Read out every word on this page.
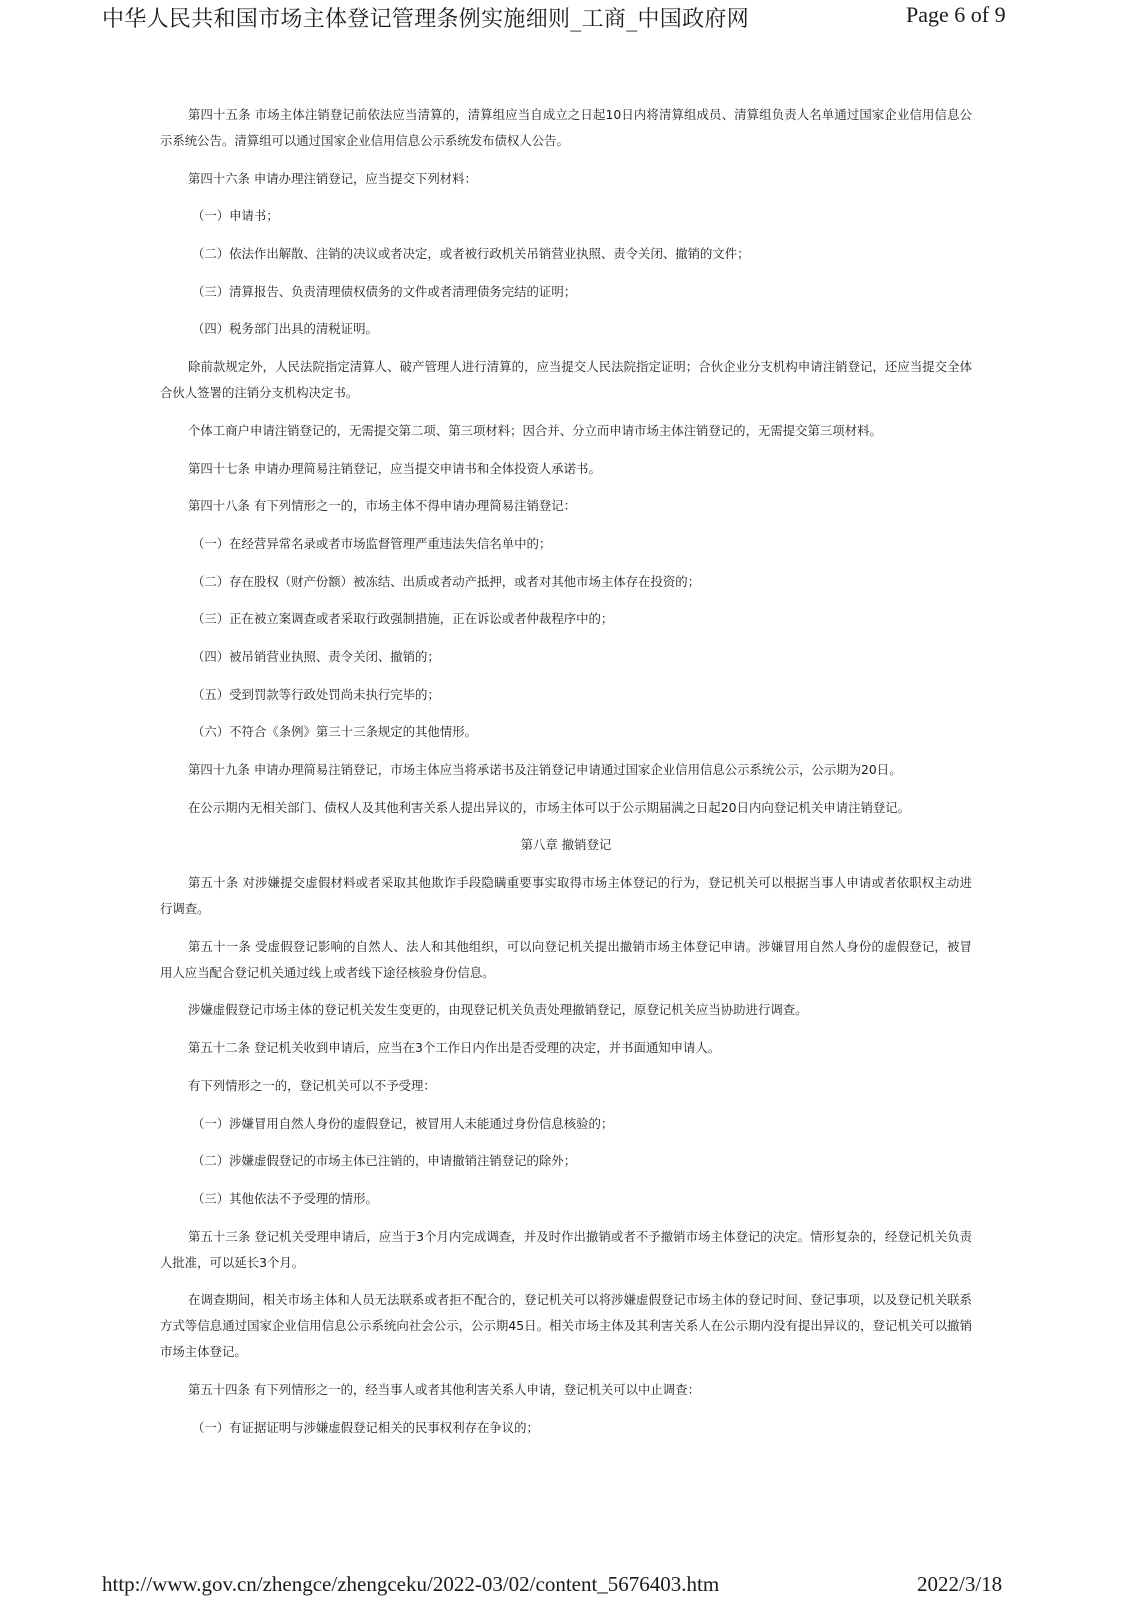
中华人民共和国市场主体登记管理条例实施细则_工商_中国政府网	Page 6 of 9

第四十五条 市场主体注销登记前依法应当清算的，清算组应当自成立之日起10日内将清算组成员、清算组负责人名单通过国家企业信用信息公示系统公告。清算组可以通过国家企业信用信息公示系统发布债权人公告。

第四十六条 申请办理注销登记，应当提交下列材料：

（一）申请书；

（二）依法作出解散、注销的决议或者决定，或者被行政机关吊销营业执照、责令关闭、撤销的文件；

（三）清算报告、负责清理债权债务的文件或者清理债务完结的证明；

（四）税务部门出具的清税证明。

除前款规定外，人民法院指定清算人、破产管理人进行清算的，应当提交人民法院指定证明；合伙企业分支机构申请注销登记，还应当提交全体合伙人签署的注销分支机构决定书。

个体工商户申请注销登记的，无需提交第二项、第三项材料；因合并、分立而申请市场主体注销登记的，无需提交第三项材料。

第四十七条 申请办理简易注销登记，应当提交申请书和全体投资人承诺书。

第四十八条 有下列情形之一的，市场主体不得申请办理简易注销登记：

（一）在经营异常名录或者市场监督管理严重违法失信名单中的；

（二）存在股权（财产份额）被冻结、出质或者动产抵押，或者对其他市场主体存在投资的；

（三）正在被立案调查或者采取行政强制措施，正在诉讼或者仲裁程序中的；

（四）被吊销营业执照、责令关闭、撤销的；

（五）受到罚款等行政处罚尚未执行完毕的；

（六）不符合《条例》第三十三条规定的其他情形。

第四十九条 申请办理简易注销登记，市场主体应当将承诺书及注销登记申请通过国家企业信用信息公示系统公示，公示期为20日。

在公示期内无相关部门、债权人及其他利害关系人提出异议的，市场主体可以于公示期届满之日起20日内向登记机关申请注销登记。

第八章 撤销登记

第五十条 对涉嫌提交虚假材料或者采取其他欺诈手段隐瞒重要事实取得市场主体登记的行为，登记机关可以根据当事人申请或者依职权主动进行调查。

第五十一条 受虚假登记影响的自然人、法人和其他组织，可以向登记机关提出撤销市场主体登记申请。涉嫌冒用自然人身份的虚假登记，被冒用人应当配合登记机关通过线上或者线下途径核验身份信息。

涉嫌虚假登记市场主体的登记机关发生变更的，由现登记机关负责处理撤销登记，原登记机关应当协助进行调查。

第五十二条 登记机关收到申请后，应当在3个工作日内作出是否受理的决定，并书面通知申请人。

有下列情形之一的，登记机关可以不予受理：

（一）涉嫌冒用自然人身份的虚假登记，被冒用人未能通过身份信息核验的；

（二）涉嫌虚假登记的市场主体已注销的，申请撤销注销登记的除外；

（三）其他依法不予受理的情形。

第五十三条 登记机关受理申请后，应当于3个月内完成调查，并及时作出撤销或者不予撤销市场主体登记的决定。情形复杂的，经登记机关负责人批准，可以延长3个月。

在调查期间，相关市场主体和人员无法联系或者拒不配合的，登记机关可以将涉嫌虚假登记市场主体的登记时间、登记事项，以及登记机关联系方式等信息通过国家企业信用信息公示系统向社会公示，公示期45日。相关市场主体及其利害关系人在公示期内没有提出异议的，登记机关可以撤销市场主体登记。

第五十四条 有下列情形之一的，经当事人或者其他利害关系人申请，登记机关可以中止调查：

（一）有证据证明与涉嫌虚假登记相关的民事权利存在争议的；

http://www.gov.cn/zhengce/zhengceku/2022-03/02/content_5676403.htm	2022/3/18
